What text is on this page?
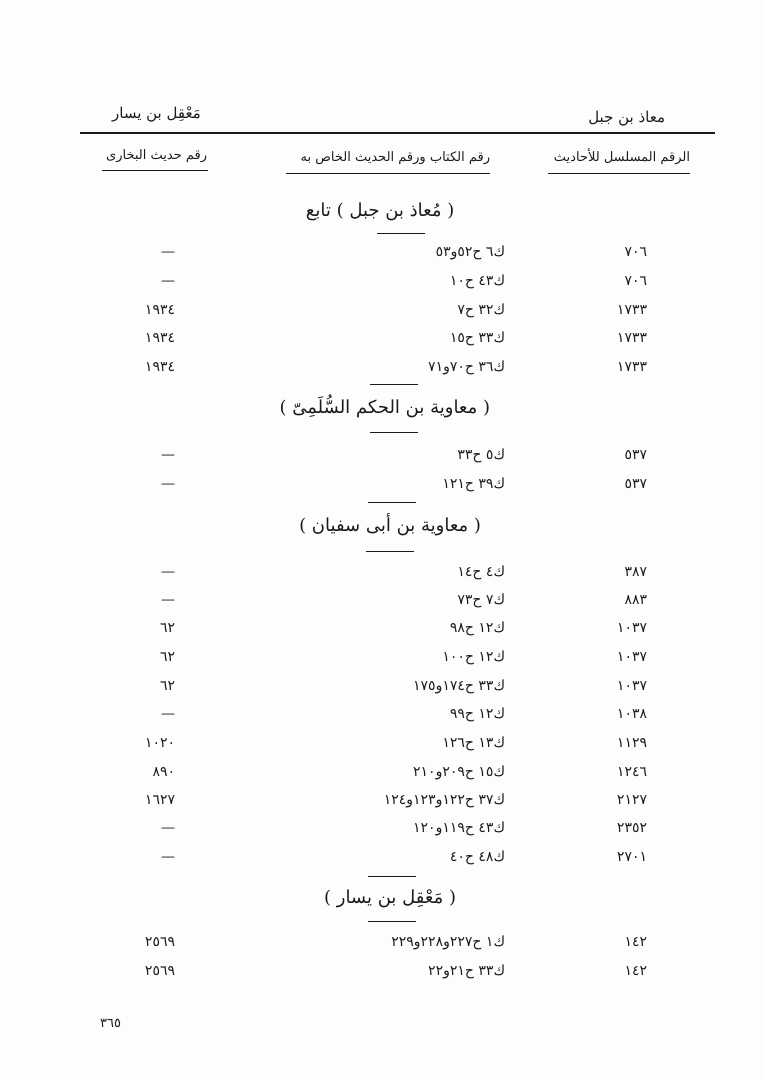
معاذ بن جبل
مَعْقِل بن يسار
الرقم المسلسل للأحاديث
رقم الكتاب ورقم الحديث الخاص به
رقم حديث البخارى
( مُعاذ بن جبل ) تابع
٧٠٦
ك٦ ح٥٢و٥٣
—
٧٠٦
ك٤٣ ح١٠
—
١٧٣٣
ك٣٢ ح٧
١٩٣٤
١٧٣٣
ك٣٣ ح١٥
١٩٣٤
١٧٣٣
ك٣٦ ح٧٠و٧١
١٩٣٤
( معاوية بن الحكم السُّلَمِىّ )
٥٣٧
ك٥ ح٣٣
—
٥٣٧
ك٣٩ ح١٢١
—
( معاوية بن أبى سفيان )
٣٨٧
ك٤ ح١٤
—
٨٨٣
ك٧ ح٧٣
—
١٠٣٧
ك١٢ ح٩٨
٦٢
١٠٣٧
ك١٢ ح١٠٠
٦٢
١٠٣٧
ك٣٣ ح١٧٤و١٧٥
٦٢
١٠٣٨
ك١٢ ح٩٩
—
١١٢٩
ك١٣ ح١٢٦
١٠٢٠
١٢٤٦
ك١٥ ح٢٠٩و٢١٠
٨٩٠
٢١٢٧
ك٣٧ ح١٢٢و١٢٣و١٢٤
١٦٢٧
٢٣٥٢
ك٤٣ ح١١٩و١٢٠
—
٢٧٠١
ك٤٨ ح٤٠
—
( مَعْقِل بن يسار )
١٤٢
ك١ ح٢٢٧و٢٢٨و٢٢٩
٢٥٦٩
١٤٢
ك٣٣ ح٢١و٢٢
٢٥٦٩
٣٦٥
